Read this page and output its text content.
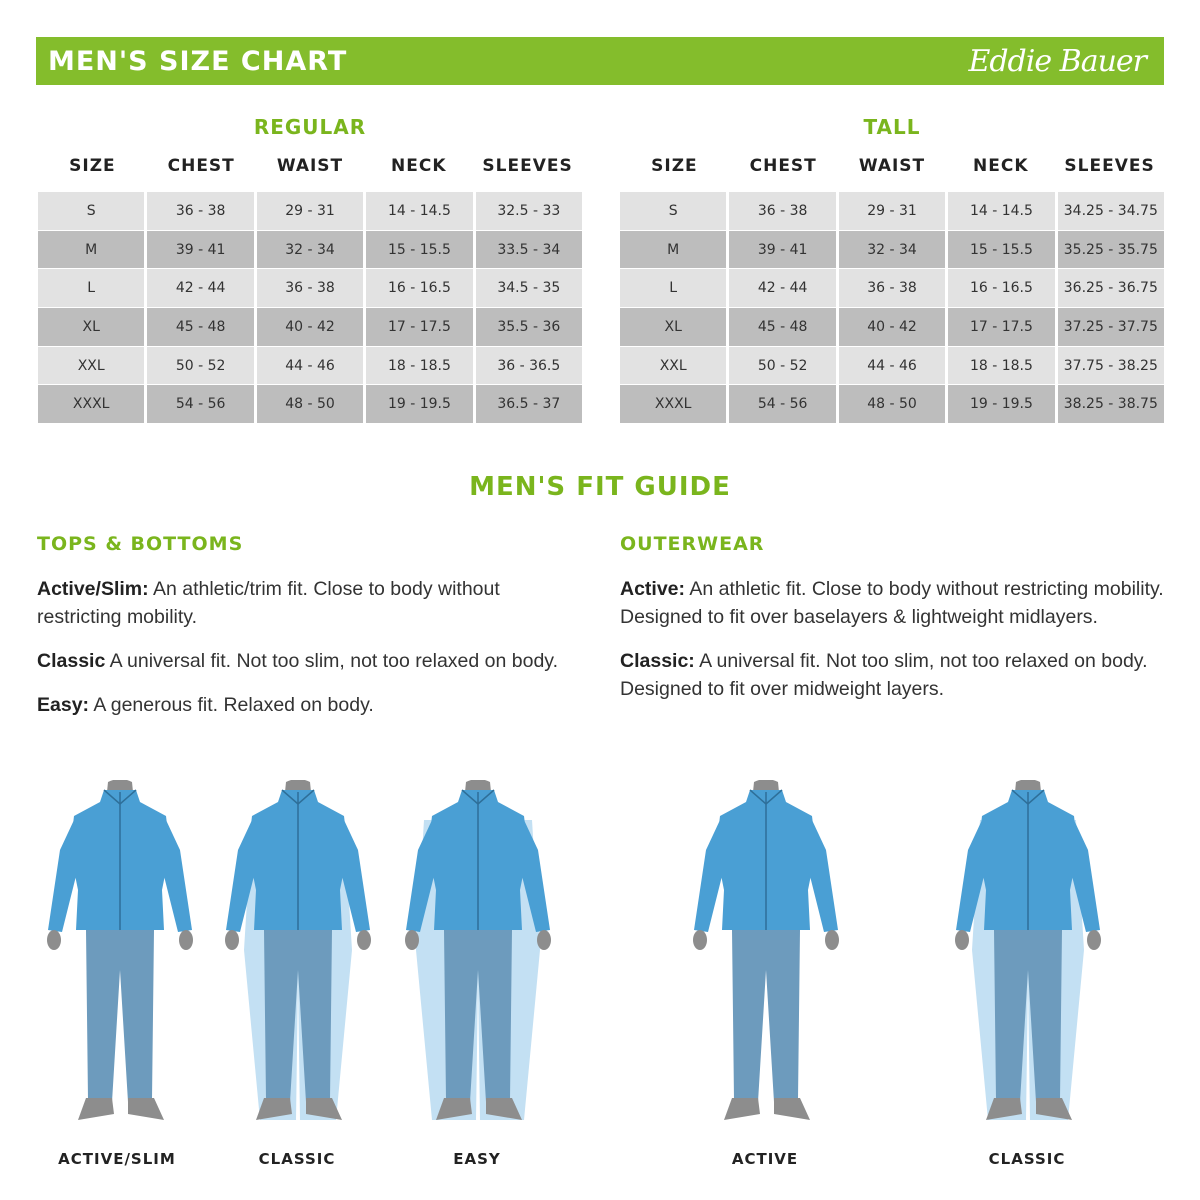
MEN'S SIZE CHART	Eddie Bauer
REGULAR
SIZE	CHEST	WAIST	NECK	SLEEVES
S	36 - 38	29 - 31	14 - 14.5	32.5 - 33
M	39 - 41	32 - 34	15 - 15.5	33.5 - 34
L	42 - 44	36 - 38	16 - 16.5	34.5 - 35
XL	45 - 48	40 - 42	17 - 17.5	35.5 - 36
XXL	50 - 52	44 - 46	18 - 18.5	36 - 36.5
XXXL	54 - 56	48 - 50	19 - 19.5	36.5 - 37
TALL
SIZE	CHEST	WAIST	NECK	SLEEVES
S	36 - 38	29 - 31	14 - 14.5	34.25 - 34.75
M	39 - 41	32 - 34	15 - 15.5	35.25 - 35.75
L	42 - 44	36 - 38	16 - 16.5	36.25 - 36.75
XL	45 - 48	40 - 42	17 - 17.5	37.25 - 37.75
XXL	50 - 52	44 - 46	18 - 18.5	37.75 - 38.25
XXXL	54 - 56	48 - 50	19 - 19.5	38.25 - 38.75
MEN'S FIT GUIDE
TOPS & BOTTOMS

Active/Slim: An athletic/trim fit. Close to body without restricting mobility.

Classic A universal fit. Not too slim, not too relaxed on body.

Easy: A generous fit. Relaxed on body.

OUTERWEAR

Active: An athletic fit. Close to body without restricting mobility. Designed to fit over baselayers & lightweight midlayers.

Classic: A universal fit. Not too slim, not too relaxed on body. Designed to fit over midweight layers.

ACTIVE/SLIM	CLASSIC	EASY	ACTIVE	CLASSIC
